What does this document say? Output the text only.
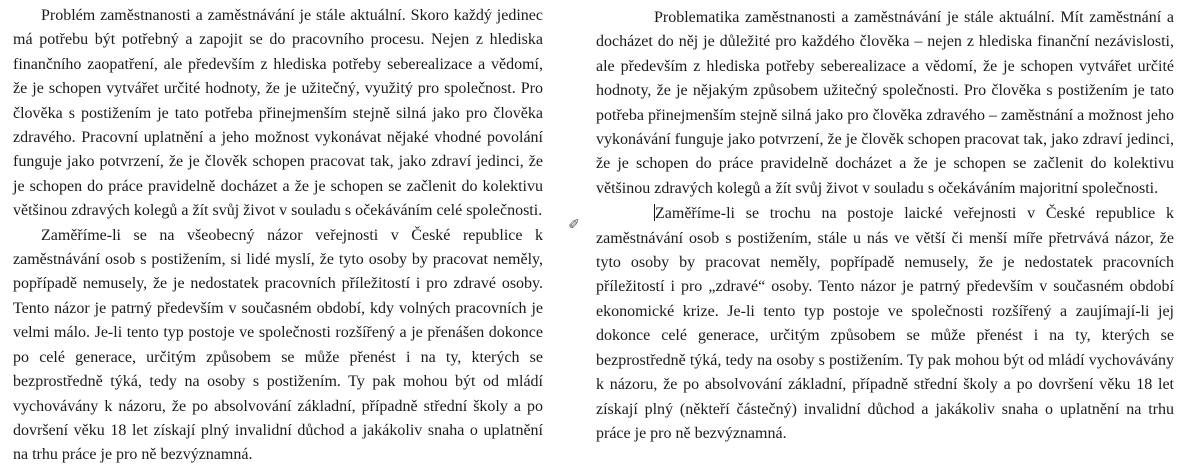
Problém zaměstnanosti a zaměstnávání je stále aktuální. Skoro každý jedinec má potřebu být potřebný a zapojit se do pracovního procesu. Nejen z hlediska finančního zaopatření, ale především z hlediska potřeby seberealizace a vědomí, že je schopen vytvářet určité hodnoty, že je užitečný, využitý pro společnost. Pro člověka s postižením je tato potřeba přinejmenším stejně silná jako pro člověka zdravého. Pracovní uplatnění a jeho možnost vykonávat nějaké vhodné povolání funguje jako potvrzení, že je člověk schopen pracovat tak, jako zdraví jedinci, že je schopen do práce pravidelně docházet a že je schopen se začlenit do kolektivu většinou zdravých kolegů a žít svůj život v souladu s očekáváním celé společnosti.

Zaměříme-li se na všeobecný názor veřejnosti v České republice k zaměstnávání osob s postižením, si lidé myslí, že tyto osoby by pracovat neměly, popřípadě nemusely, že je nedostatek pracovních příležitostí i pro zdravé osoby. Tento názor je patrný především v současném období, kdy volných pracovních je velmi málo. Je-li tento typ postoje ve společnosti rozšířený a je přenášen dokonce po celé generace, určitým způsobem se může přenést i na ty, kterých se bezprostředně týká, tedy na osoby s postižením. Ty pak mohou být od mládí vychovávány k názoru, že po absolvování základní, případně střední školy a po dovršení věku 18 let získají plný invalidní důchod a jakákoliv snaha o uplatnění na trhu práce je pro ně bezvýznamná.

Problematika zaměstnanosti a zaměstnávání je stále aktuální. Mít zaměstnání a docházet do něj je důležité pro každého člověka – nejen z hlediska finanční nezávislosti, ale především z hlediska potřeby seberealizace a vědomí, že je schopen vytvářet určité hodnoty, že je nějakým způsobem užitečný společnosti. Pro člověka s postižením je tato potřeba přinejmenším stejně silná jako pro člověka zdravého – zaměstnání a možnost jeho vykonávání funguje jako potvrzení, že je člověk schopen pracovat tak, jako zdraví jedinci, že je schopen do práce pravidelně docházet a že je schopen se začlenit do kolektivu většinou zdravých kolegů a žít svůj život v souladu s očekáváním majoritní společnosti.

Zaměříme-li se trochu na postoje laické veřejnosti v České republice k zaměstnávání osob s postižením, stále u nás ve větší či menší míře přetrvává názor, že tyto osoby by pracovat neměly, popřípadě nemusely, že je nedostatek pracovních příležitostí i pro „zdravé“ osoby. Tento názor je patrný především v současném období ekonomické krize. Je-li tento typ postoje ve společnosti rozšířený a zaujímají-li jej dokonce celé generace, určitým způsobem se může přenést i na ty, kterých se bezprostředně týká, tedy na osoby s postižením. Ty pak mohou být od mládí vychovávány k názoru, že po absolvování základní, případně střední školy a po dovršení věku 18 let získají plný (někteří částečný) invalidní důchod a jakákoliv snaha o uplatnění na trhu práce je pro ně bezvýznamná.

✐
